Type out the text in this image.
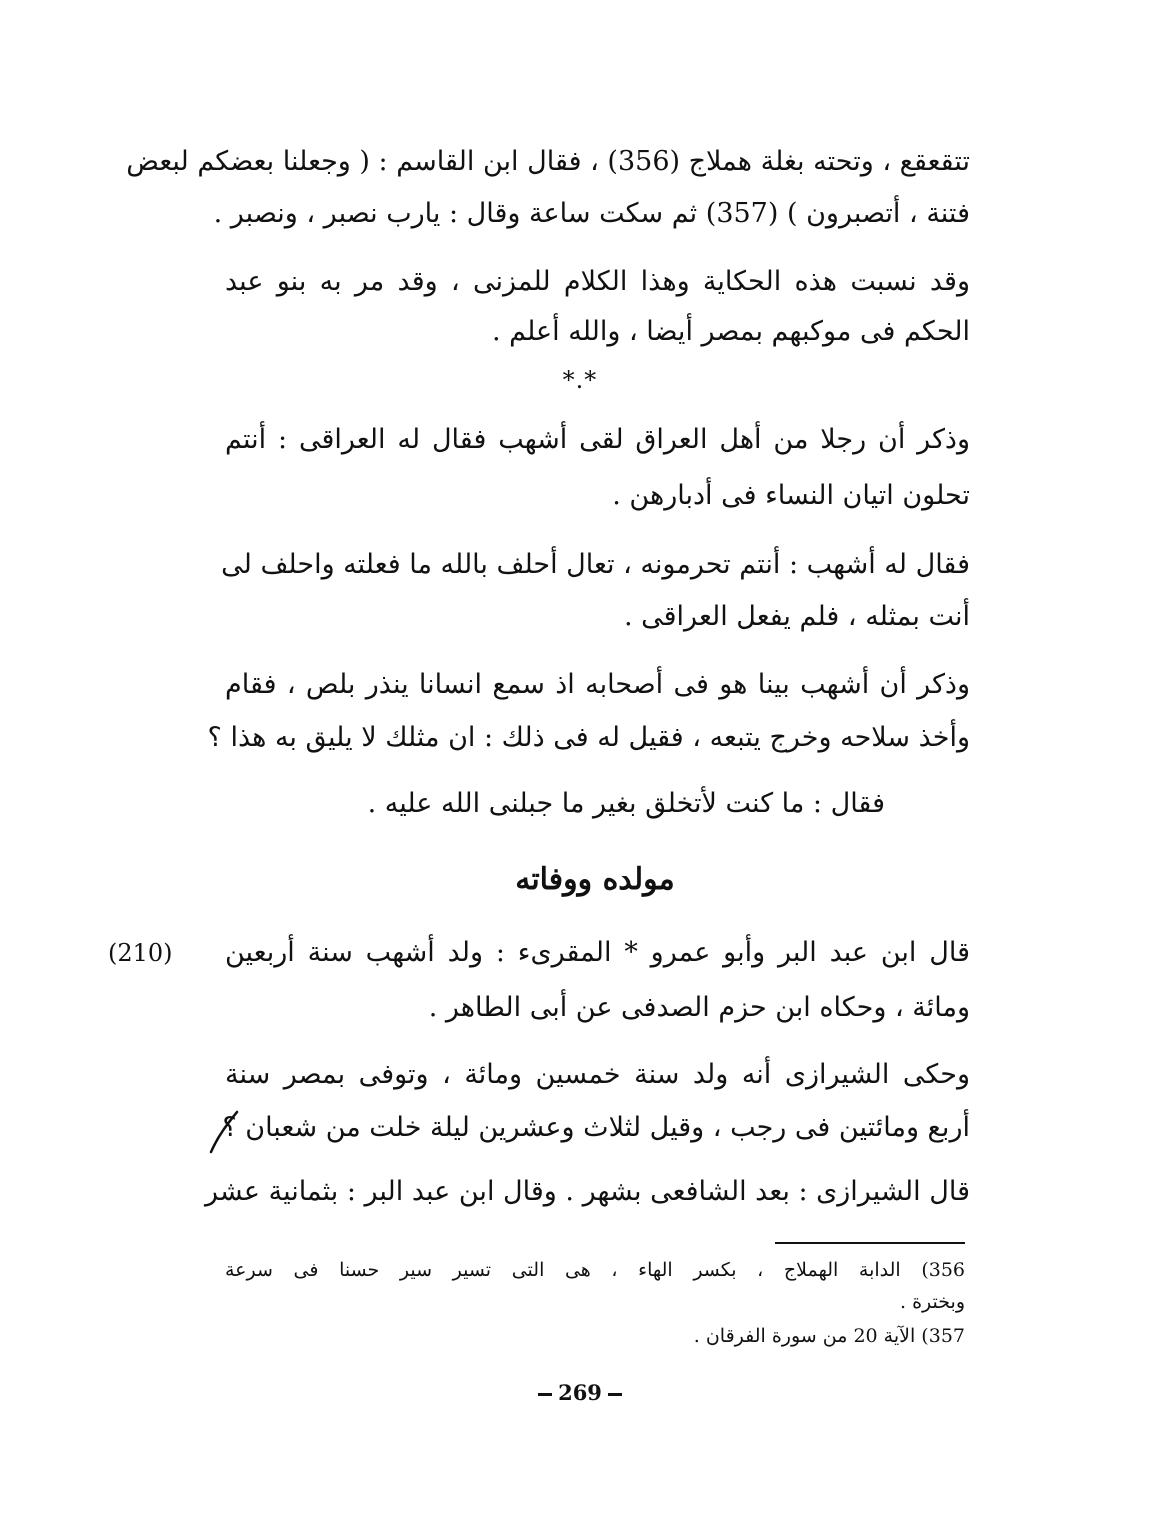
تتقعقع ، وتحته بغلة هملاج (356) ، فقال ابن القاسم : ( وجعلنا بعضكم لبعض
فتنة ، أتصبرون ) (357) ثم سكت ساعة وقال : يارب نصبر ، ونصبر .
وقد نسبت هذه الحكاية وهذا الكلام للمزنى ، وقد مر به بنو عبد
الحكم فى موكبهم بمصر أيضا ، والله أعلم .
*.*
وذكر أن رجلا من أهل العراق لقى أشهب فقال له العراقى : أنتم
تحلون اتيان النساء فى أدبارهن .
فقال له أشهب : أنتم تحرمونه ، تعال أحلف بالله ما فعلته واحلف لى
أنت بمثله ، فلم يفعل العراقى .
وذكر أن أشهب بينا هو فى أصحابه اذ سمع انسانا ينذر بلص ، فقام
وأخذ سلاحه وخرج يتبعه ، فقيل له فى ذلك : ان مثلك لا يليق به هذا ؟
فقال : ما كنت لأتخلق بغير ما جبلنى الله عليه .
مولده ووفاته
(210) قال ابن عبد البر وأبو عمرو * المقرىء : ولد أشهب سنة أربعين
ومائة ، وحكاه ابن حزم الصدفى عن أبى الطاهر .
وحكى الشيرازى أنه ولد سنة خمسين ومائة ، وتوفى بمصر سنة
أربع ومائتين فى رجب ، وقيل لثلاث وعشرين ليلة خلت من شعبان ؟
قال الشيرازى : بعد الشافعى بشهر . وقال ابن عبد البر : بثمانية عشر
356) الدابة الهملاج ، بكسر الهاء ، هى التى تسير سير حسنا فى سرعة
وبخترة .
357) الآية 20 من سورة الفرقان .
269
